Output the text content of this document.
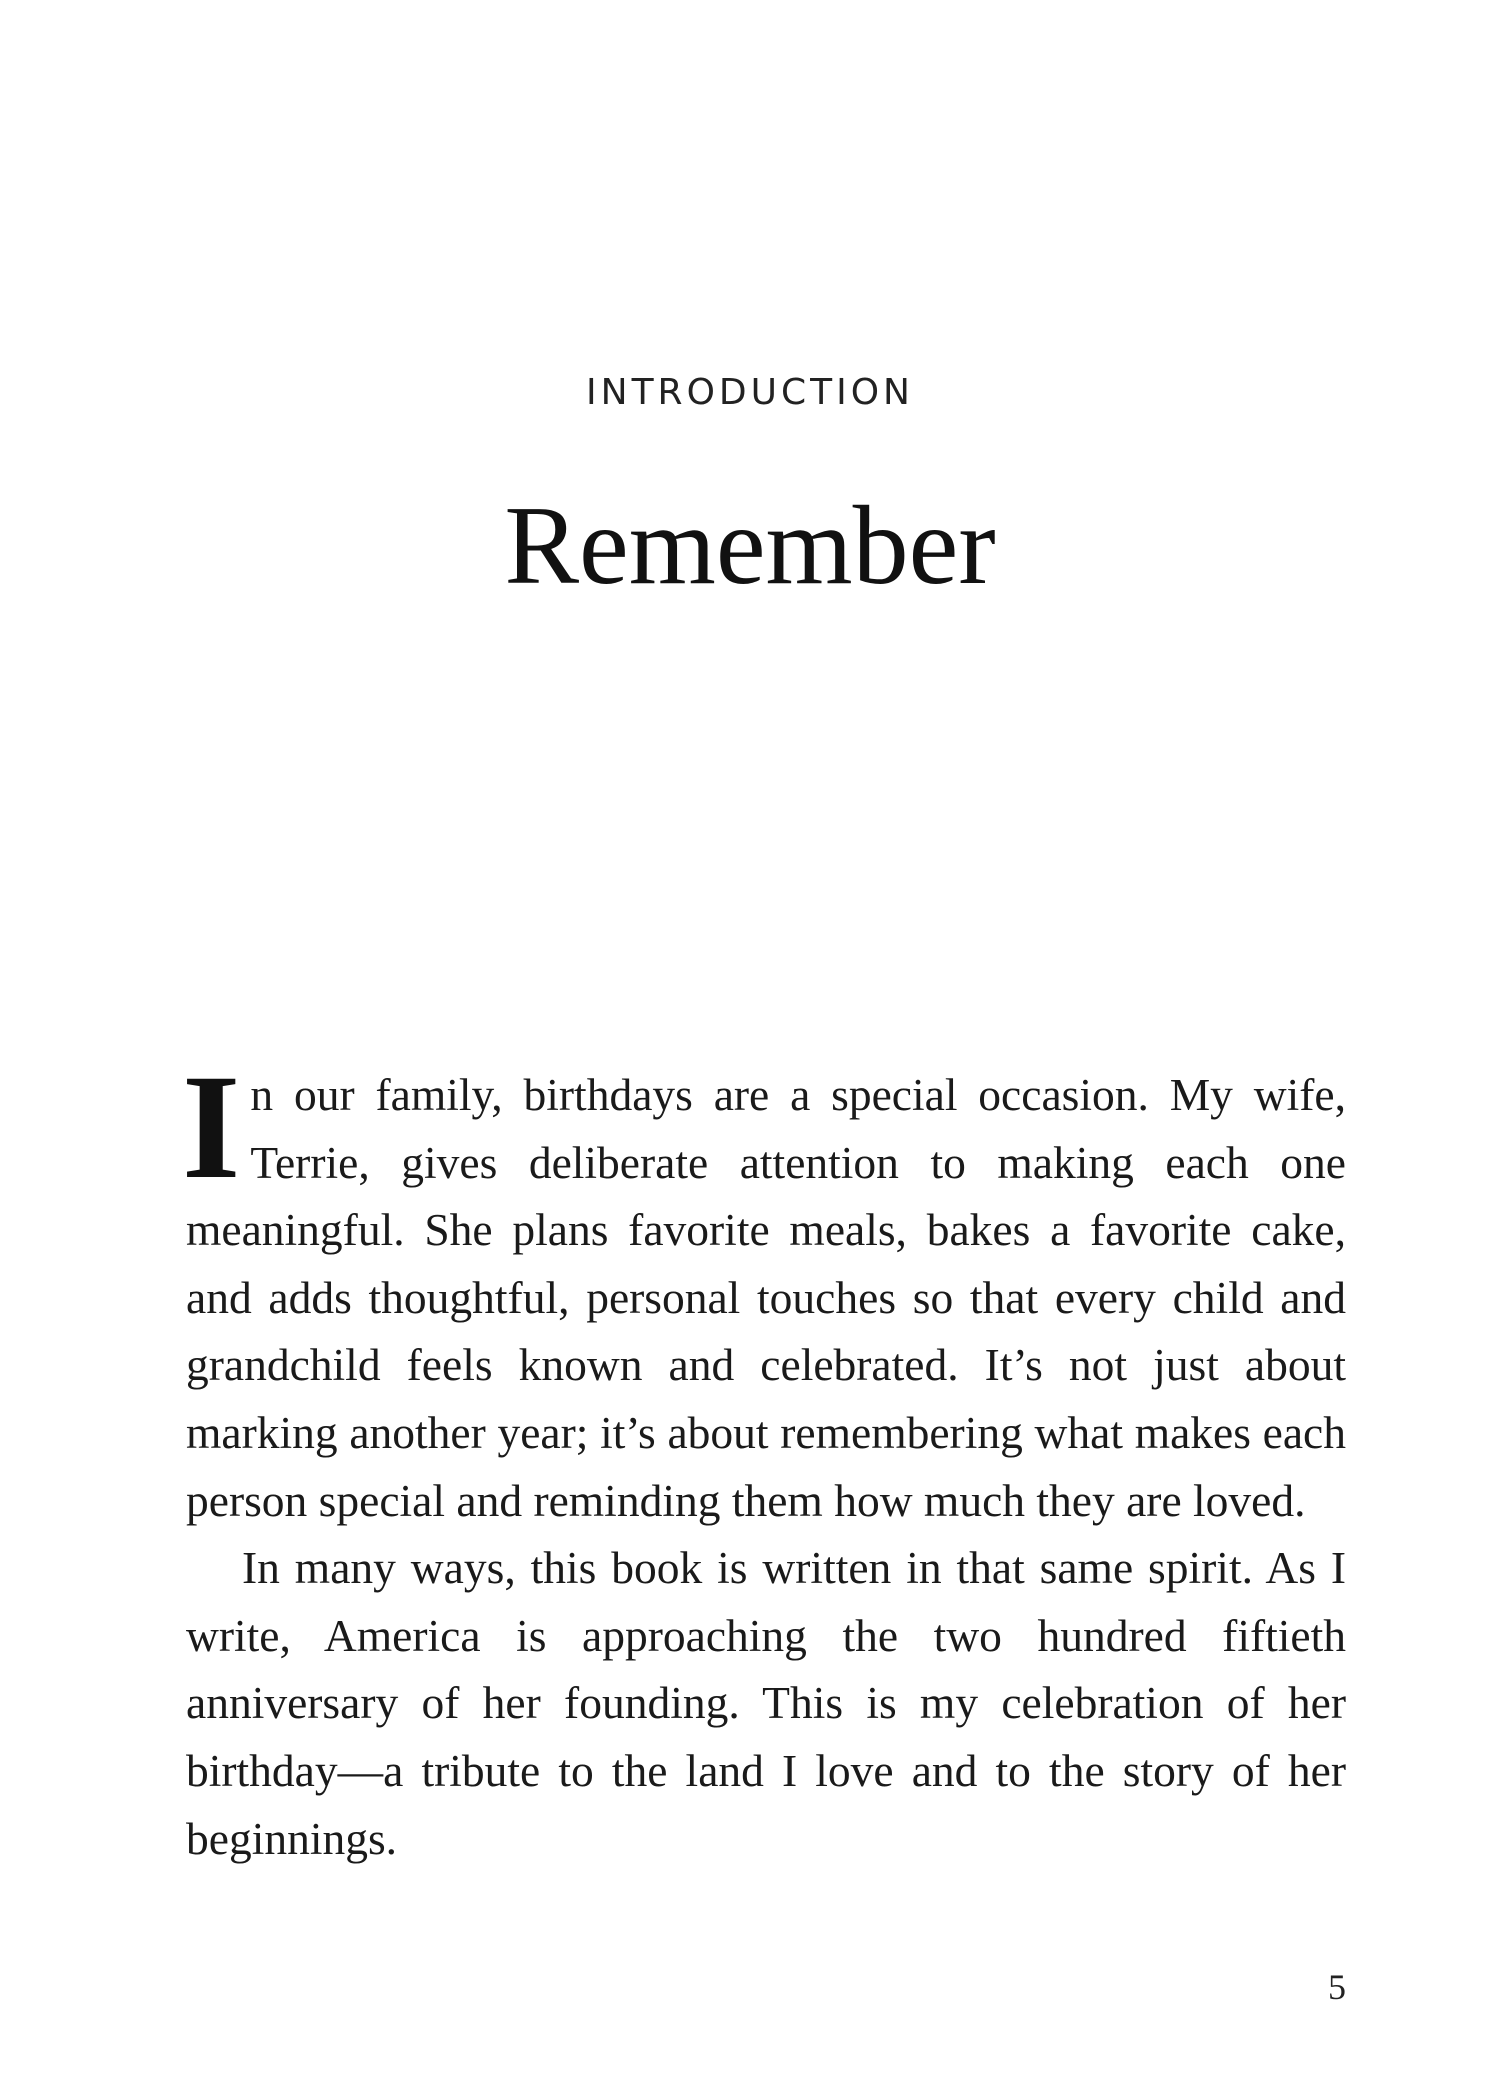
INTRODUCTION
Remember

In our family, birthdays are a special occasion. My wife, Terrie, gives deliberate attention to making each one meaningful. She plans favorite meals, bakes a favorite cake, and adds thoughtful, personal touches so that every child and grandchild feels known and celebrated. It’s not just about marking another year; it’s about remembering what makes each person special and reminding them how much they are loved.

In many ways, this book is written in that same spirit. As I write, America is approaching the two hundred fiftieth anniversary of her founding. This is my celebration of her birthday—a tribute to the land I love and to the story of her beginnings.

5
